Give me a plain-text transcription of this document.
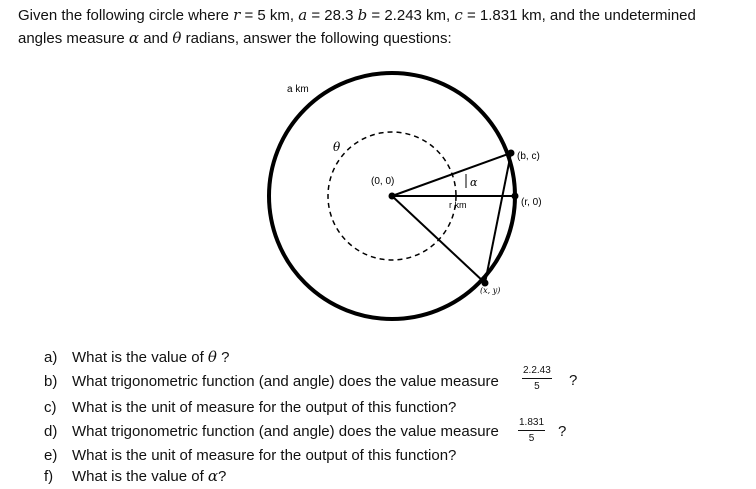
Given the following circle where r = 5 km, a = 28.3 b = 2.243 km, c = 1.831 km, and the undetermined
angles measure α and θ radians, answer the following questions:
a km
θ
(0, 0)	α
r km
(b, c)
(r, 0)
(x, y)
a) What is the value of θ ?
b) What trigonometric function (and angle) does the value measure
c) What is the unit of measure for the output of this function?
d) What trigonometric function (and angle) does the value measure
e) What is the unit of measure for the output of this function?
f) What is the value of α?
$\frac{2.2.43}{5}$ ?
$\frac{1.831}{5}$ ?
